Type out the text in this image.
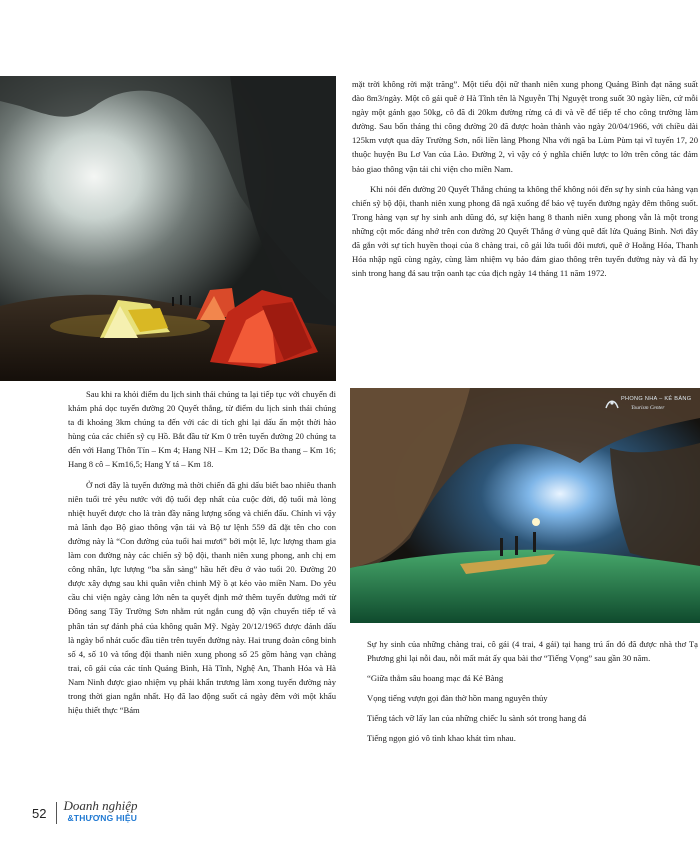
PHONG NHA – KẺ BÀNG
Tourism Center

mặt trời không rời mặt trăng”. Một tiểu đội nữ thanh niên xung phong Quảng Bình đạt năng suất đào 8m3/ngày. Một cô gái quê ở Hà Tĩnh tên là Nguyễn Thị Nguyệt trong suốt 30 ngày liền, cứ mỗi ngày một gánh gạo 50kg, cô đã đi 20km đường rừng cả đi và về để tiếp tế cho công trường làm đường. Sau bốn tháng thi công đường 20 đã được hoàn thành vào ngày 20/04/1966, với chiều dài 125km vượt qua dãy Trường Sơn, nối liền làng Phong Nha với ngã ba Lùm Pùm tại vĩ tuyến 17, 20 thuộc huyện Bu Lơ Van của Lào. Đường 2, vì vậy có ý nghĩa chiến lược to lớn trên công tác đảm bảo giao thông vận tải chi viện cho miền Nam.

Khi nói đến đường 20 Quyết Thắng chúng ta không thể không nói đến sự hy sinh của hàng vạn chiến sỹ bộ đội, thanh niên xung phong đã ngã xuống để bảo vệ tuyến đường ngày đêm thông suốt. Trong hàng vạn sự hy sinh anh dũng đó, sự kiện hang 8 thanh niên xung phong vẫn là một trong những cột mốc đáng nhớ trên con đường 20 Quyết Thắng ở vùng quê đất lửa Quảng Bình. Nơi đây đã gắn với sự tích huyền thoại của 8 chàng trai, cô gái lứa tuổi đôi mươi, quê ở Hoằng Hóa, Thanh Hóa nhập ngũ cùng ngày, cùng làm nhiệm vụ bảo đảm giao thông trên tuyến đường này và đã hy sinh trong hang đá sau trận oanh tạc của địch ngày 14 tháng 11 năm 1972.

Sau khi ra khỏi điểm du lịch sinh thái chúng ta lại tiếp tục với chuyến đi khám phá dọc tuyến đường 20 Quyết thắng, từ điểm du lịch sinh thái chúng ta đi khoảng 3km chúng ta đến với các di tích ghi lại dấu ấn một thời hào hùng của các chiến sỹ cụ Hồ. Bắt đầu từ Km 0 trên tuyến đường 20 chúng ta đến với Hang Thôn Tín – Km 4; Hang NH – Km 12; Dốc Ba thang – Km 16; Hang 8 cô – Km16,5; Hang Y tá – Km 18.

Ở nơi đây là tuyến đường mà thời chiến đã ghi dấu biết bao nhiêu thanh niên tuổi trẻ yêu nước với độ tuổi đẹp nhất của cuộc đời, độ tuổi mà lòng nhiệt huyết được cho là tràn đầy năng lượng sống và chiến đấu. Chính vì vậy mà lãnh đạo Bộ giao thông vận tải và Bộ tư lệnh 559 đã đặt tên cho con đường này là “Con đường của tuổi hai mươi” bởi một lẽ, lực lượng tham gia làm con đường này các chiến sỹ bộ đội, thanh niên xung phong, anh chị em công nhân, lực lượng “ba sẵn sàng” hầu hết đều ở vào tuổi 20. Đường 20 được xây dựng sau khi quân viễn chinh Mỹ ồ ạt kéo vào miền Nam. Do yêu cầu chi viện ngày càng lớn nên ta quyết định mở thêm tuyến đường mới từ Đông sang Tây Trường Sơn nhằm rút ngắn cung độ vận chuyển tiếp tế và phân tán sự đánh phá của không quân Mỹ. Ngày 20/12/1965 được đánh dấu là ngày bổ nhát cuốc đầu tiên trên tuyến đường này. Hai trung đoàn công binh số 4, số 10 và tổng đội thanh niên xung phong số 25 gồm hàng vạn chàng trai, cô gái của các tỉnh Quảng Bình, Hà Tĩnh, Nghệ An, Thanh Hóa và Hà Nam Ninh được giao nhiệm vụ phải khẩn trương làm xong tuyến đường này trong thời gian ngắn nhất. Họ đã lao động suốt cả ngày đêm với một khẩu hiệu thiết thực “Bám

Sự hy sinh của những chàng trai, cô gái (4 trai, 4 gái) tại hang trú ẩn đó đã được nhà thơ Tạ Phương ghi lại nỗi đau, nỗi mất mát ấy qua bài thơ “Tiếng Vọng” sau gần 30 năm.

“Giữa thẳm sâu hoang mạc đá Kẻ Bàng

Vọng tiếng vượn gọi đàn thờ hồn mang nguyên thủy

Tiếng tách vỡ lấy lan của những chiếc lu sành sót trong hang đá

Tiếng ngọn gió vô tình khao khát tìm nhau.

52 Doanh nghiệp
&THƯƠNG HIỆU
